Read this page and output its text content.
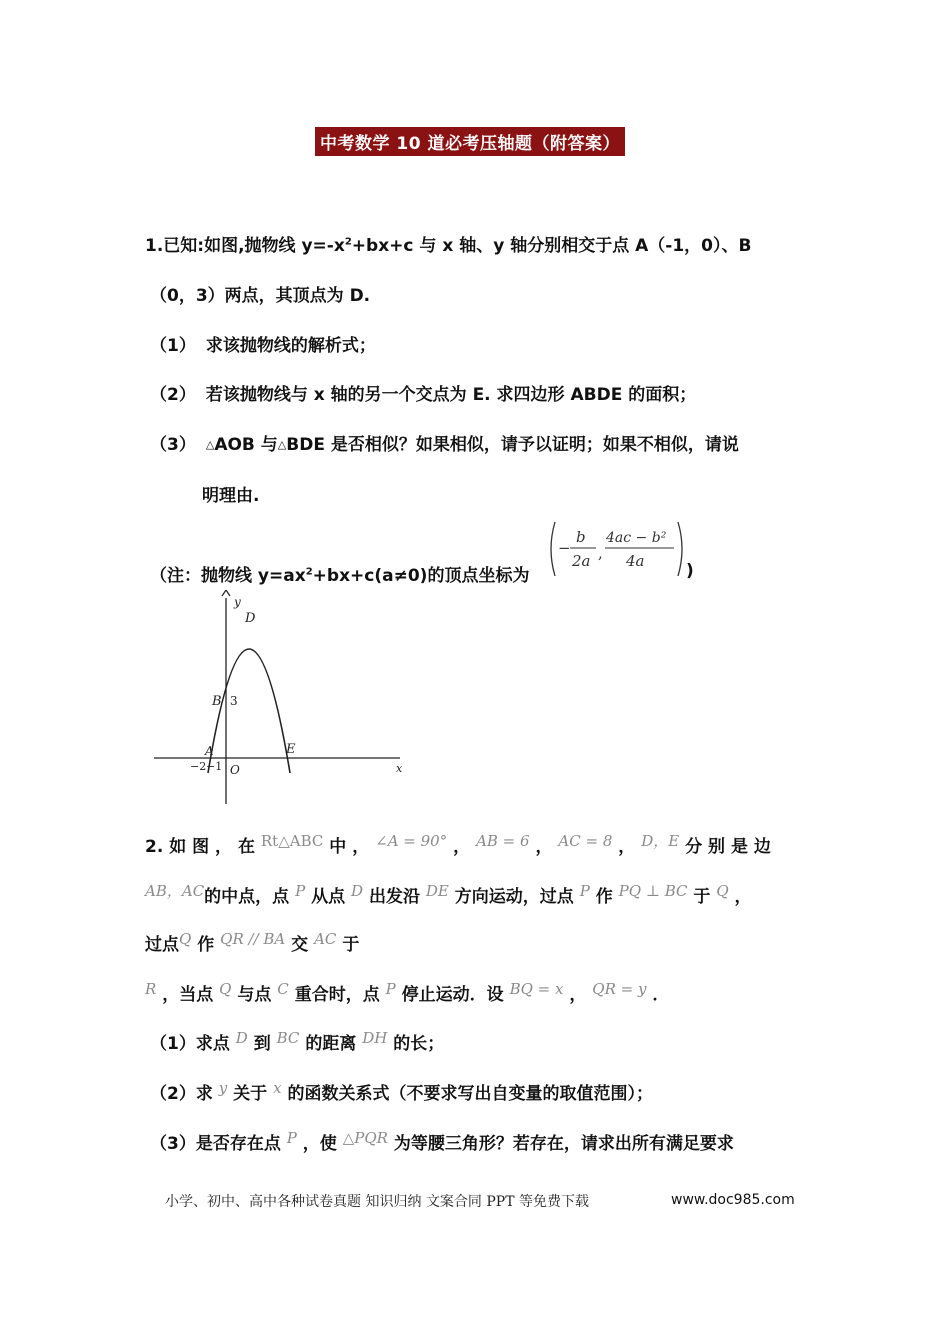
中考数学 10 道必考压轴题（附答案）
1.已知:如图,抛物线 $y=-x^2+bx+c$ 与 x 轴、y 轴分别相交于点 A（-1，0）、B
（0，3）两点，其顶点为 D.
（1） 求该抛物线的解析式；
（2） 若该抛物线与 x 轴的另一个交点为 E. 求四边形 ABDE 的面积；
（3） △AOB 与△BDE 是否相似？如果相似，请予以证明；如果不相似，请说
明理由.
（注：抛物线 $y=ax^2+bx+c(a\ne 0)$的顶点坐标为
−
b
2a ,
4ac − b²
4a )
y
x
D
B 3
A	E
O
−2 −1
2. 如 图 ， 在 Rt△ABC 中 ， ∠A = 90° ， AB = 6 ， AC = 8 ， D，E 分 别 是 边
AB，AC的中点，点 P 从点 D 出发沿 DE 方向运动，过点 P 作 PQ ⊥ BC 于 Q ，
过点Q 作 QR // BA 交 AC 于
R ，当点 Q 与点 C 重合时，点 P 停止运动．设 BQ = x ， QR = y ．
（1）求点 D 到 BC 的距离 DH 的长；
（2）求 y 关于 x 的函数关系式（不要求写出自变量的取值范围）；
（3）是否存在点 P ，使 △PQR 为等腰三角形？若存在，请求出所有满足要求
小学、初中、高中各种试卷真题 知识归纳 文案合同 PPT 等免费下载	www.doc985.com
